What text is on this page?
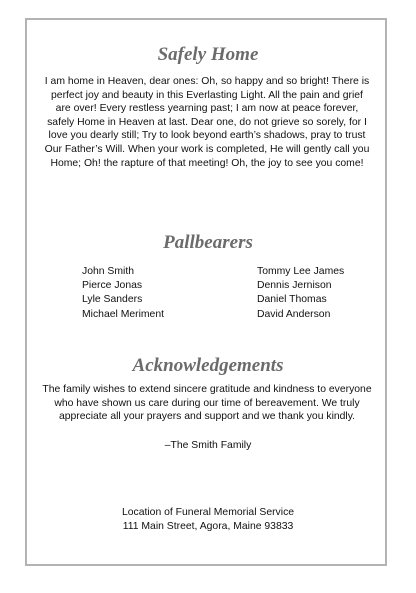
Safely Home

I am home in Heaven, dear ones: Oh, so happy and so bright! There is perfect joy and beauty in this Everlasting Light. All the pain and grief are over! Every restless yearning past; I am now at peace forever, safely Home in Heaven at last. Dear one, do not grieve so sorely, for I love you dearly still; Try to look beyond earth’s shadows, pray to trust Our Father’s Will. When your work is completed, He will gently call you Home; Oh! the rapture of that meeting! Oh, the joy to see you come!

Pallbearers
John Smith
Pierce Jonas
Lyle Sanders
Michael Meriment
Tommy Lee James
Dennis Jernison
Daniel Thomas
David Anderson
Acknowledgements

The family wishes to extend sincere gratitude and kindness to everyone who have shown us care during our time of bereavement. We truly appreciate all your prayers and support and we thank you kindly.

–The Smith Family

Location of Funeral Memorial Service

111 Main Street, Agora, Maine 93833
